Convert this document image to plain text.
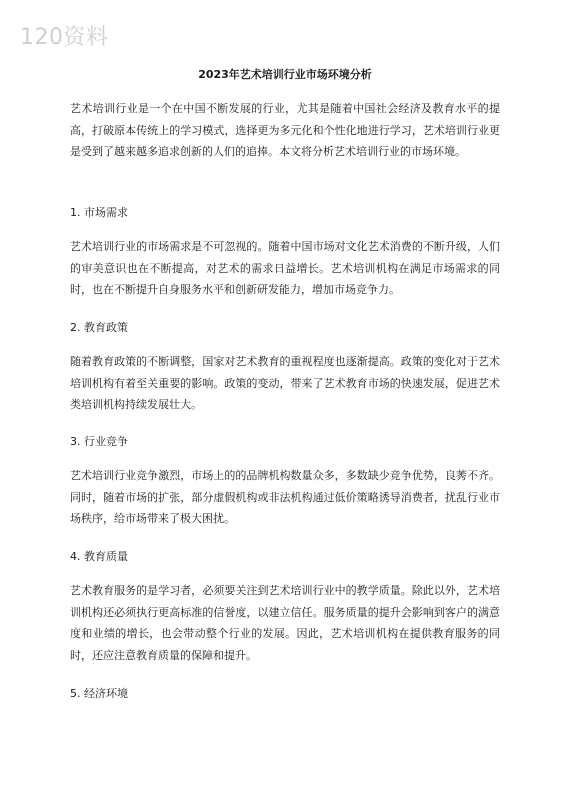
120资料
2023年艺术培训行业市场环境分析

艺术培训行业是一个在中国不断发展的行业，尤其是随着中国社会经济及教育水平的提高，打破原本传统上的学习模式，选择更为多元化和个性化地进行学习，艺术培训行业更是受到了越来越多追求创新的人们的追捧。本文将分析艺术培训行业的市场环境。

1. 市场需求

艺术培训行业的市场需求是不可忽视的。随着中国市场对文化艺术消费的不断升级，人们的审美意识也在不断提高，对艺术的需求日益增长。艺术培训机构在满足市场需求的同时，也在不断提升自身服务水平和创新研发能力，增加市场竞争力。

2. 教育政策

随着教育政策的不断调整，国家对艺术教育的重视程度也逐渐提高。政策的变化对于艺术培训机构有着至关重要的影响。政策的变动，带来了艺术教育市场的快速发展，促进艺术类培训机构持续发展壮大。

3. 行业竞争

艺术培训行业竞争激烈，市场上的的品牌机构数量众多，多数缺少竞争优势，良莠不齐。同时，随着市场的扩张，部分虚假机构或非法机构通过低价策略诱导消费者，扰乱行业市场秩序，给市场带来了极大困扰。

4. 教育质量

艺术教育服务的是学习者，必须要关注到艺术培训行业中的教学质量。除此以外，艺术培训机构还必须执行更高标准的信誉度，以建立信任。服务质量的提升会影响到客户的满意度和业绩的增长，也会带动整个行业的发展。因此，艺术培训机构在提供教育服务的同时，还应注意教育质量的保障和提升。

5. 经济环境
